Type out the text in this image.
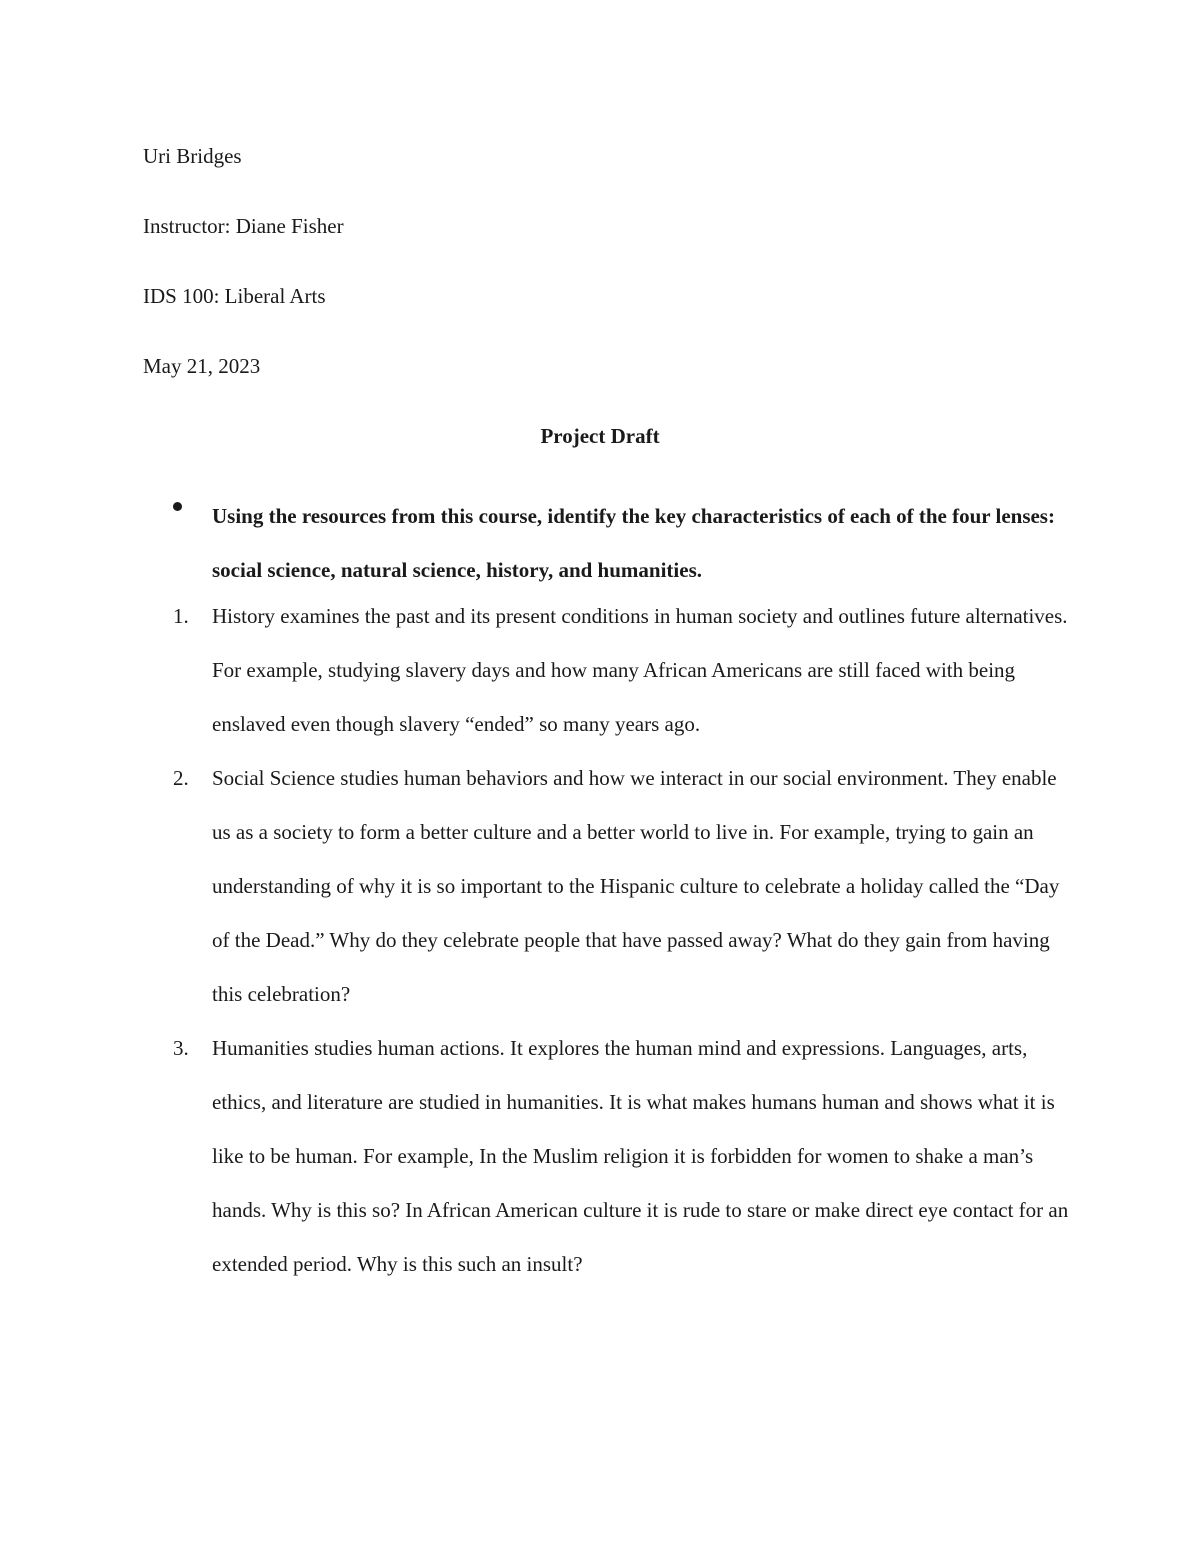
Uri Bridges
Instructor: Diane Fisher
IDS 100: Liberal Arts
May 21, 2023
Project Draft
Using the resources from this course, identify the key characteristics of each of the four lenses: social science, natural science, history, and humanities.
1. History examines the past and its present conditions in human society and outlines future alternatives. For example, studying slavery days and how many African Americans are still faced with being enslaved even though slavery “ended” so many years ago.
2. Social Science studies human behaviors and how we interact in our social environment. They enable us as a society to form a better culture and a better world to live in. For example, trying to gain an understanding of why it is so important to the Hispanic culture to celebrate a holiday called the “Day of the Dead.” Why do they celebrate people that have passed away? What do they gain from having this celebration?
3. Humanities studies human actions. It explores the human mind and expressions. Languages, arts, ethics, and literature are studied in humanities. It is what makes humans human and shows what it is like to be human. For example, In the Muslim religion it is forbidden for women to shake a man’s hands. Why is this so? In African American culture it is rude to stare or make direct eye contact for an extended period. Why is this such an insult?
